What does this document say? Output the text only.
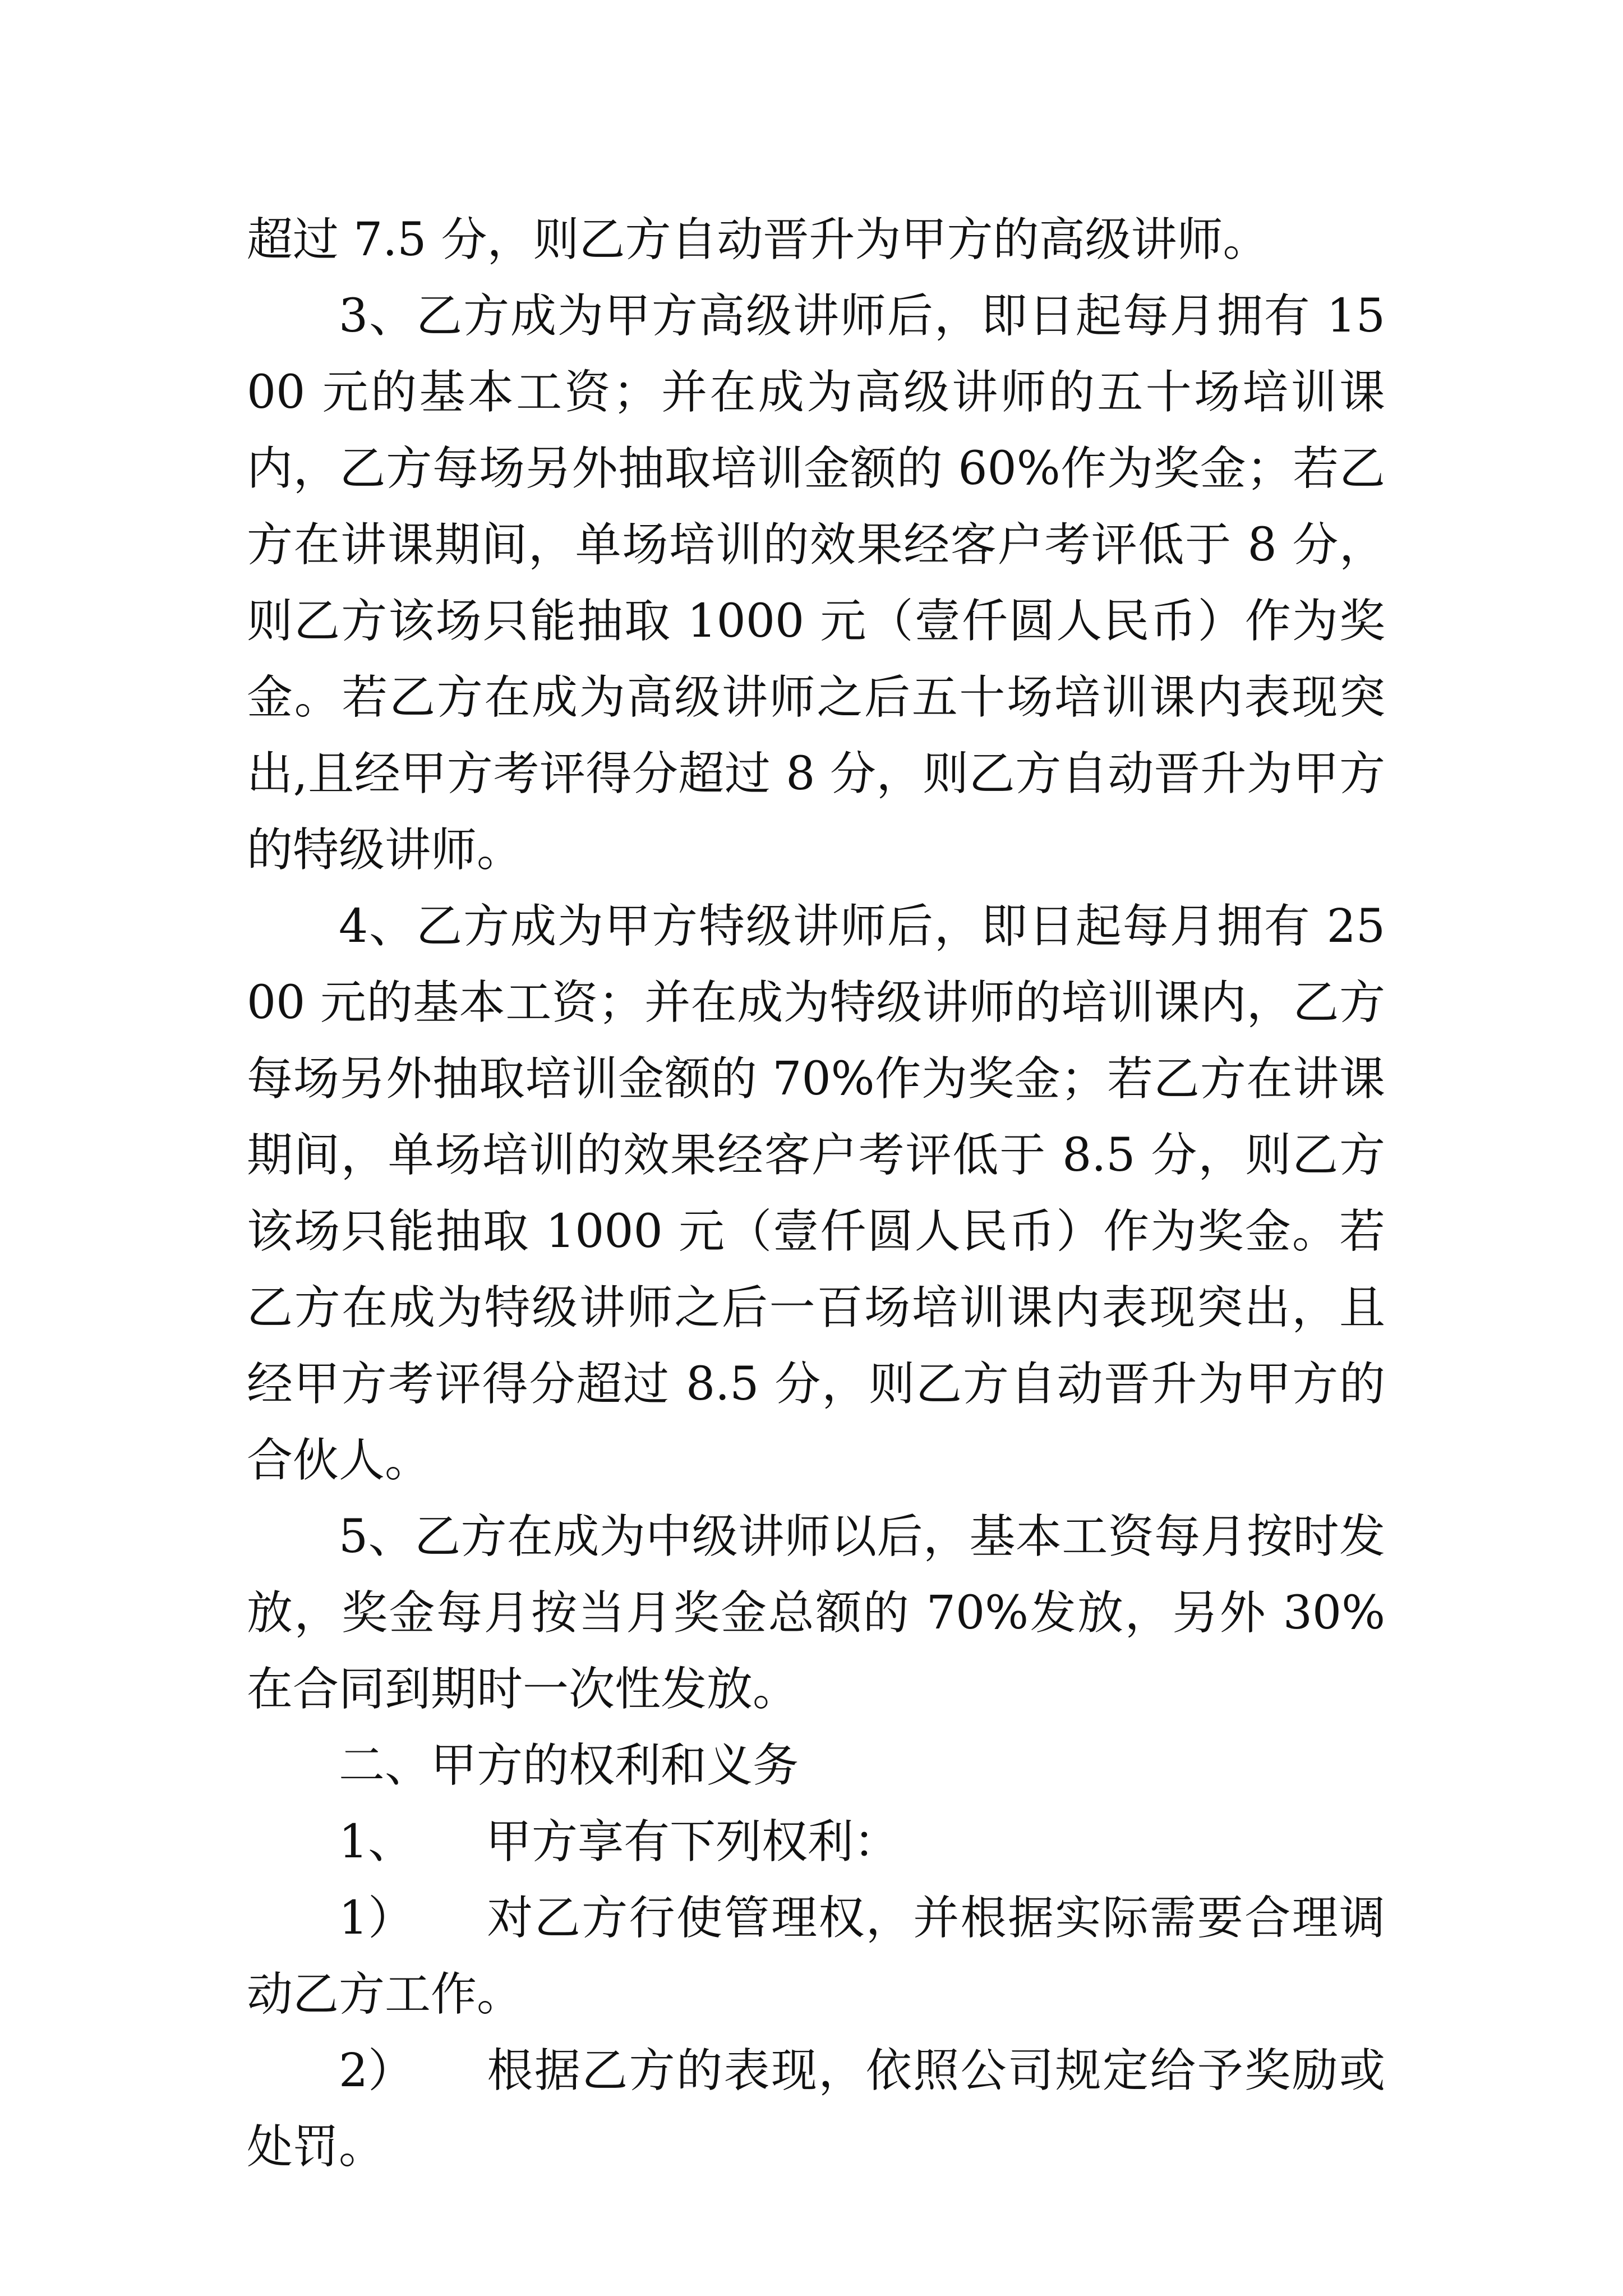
超过 7.5 分，则乙方自动晋升为甲方的高级讲师。

3、乙方成为甲方高级讲师后，即日起每月拥有 1500 元的基本工资；并在成为高级讲师的五十场培训课内，乙方每场另外抽取培训金额的 60%作为奖金；若乙方在讲课期间，单场培训的效果经客户考评低于 8 分，则乙方该场只能抽取 1000 元（壹仟圆人民币）作为奖金。若乙方在成为高级讲师之后五十场培训课内表现突出,且经甲方考评得分超过 8 分，则乙方自动晋升为甲方的特级讲师。

4、乙方成为甲方特级讲师后，即日起每月拥有 2500 元的基本工资；并在成为特级讲师的培训课内，乙方每场另外抽取培训金额的 70%作为奖金；若乙方在讲课期间，单场培训的效果经客户考评低于 8.5 分，则乙方该场只能抽取 1000 元（壹仟圆人民币）作为奖金。若乙方在成为特级讲师之后一百场培训课内表现突出，且经甲方考评得分超过 8.5 分，则乙方自动晋升为甲方的合伙人。

5、乙方在成为中级讲师以后，基本工资每月按时发放，奖金每月按当月奖金总额的 70%发放，另外 30%在合同到期时一次性发放。

二、甲方的权利和义务

1、	甲方享有下列权利：

1） 对乙方行使管理权，并根据实际需要合理调动乙方工作。

2） 根据乙方的表现，依照公司规定给予奖励或处罚。
